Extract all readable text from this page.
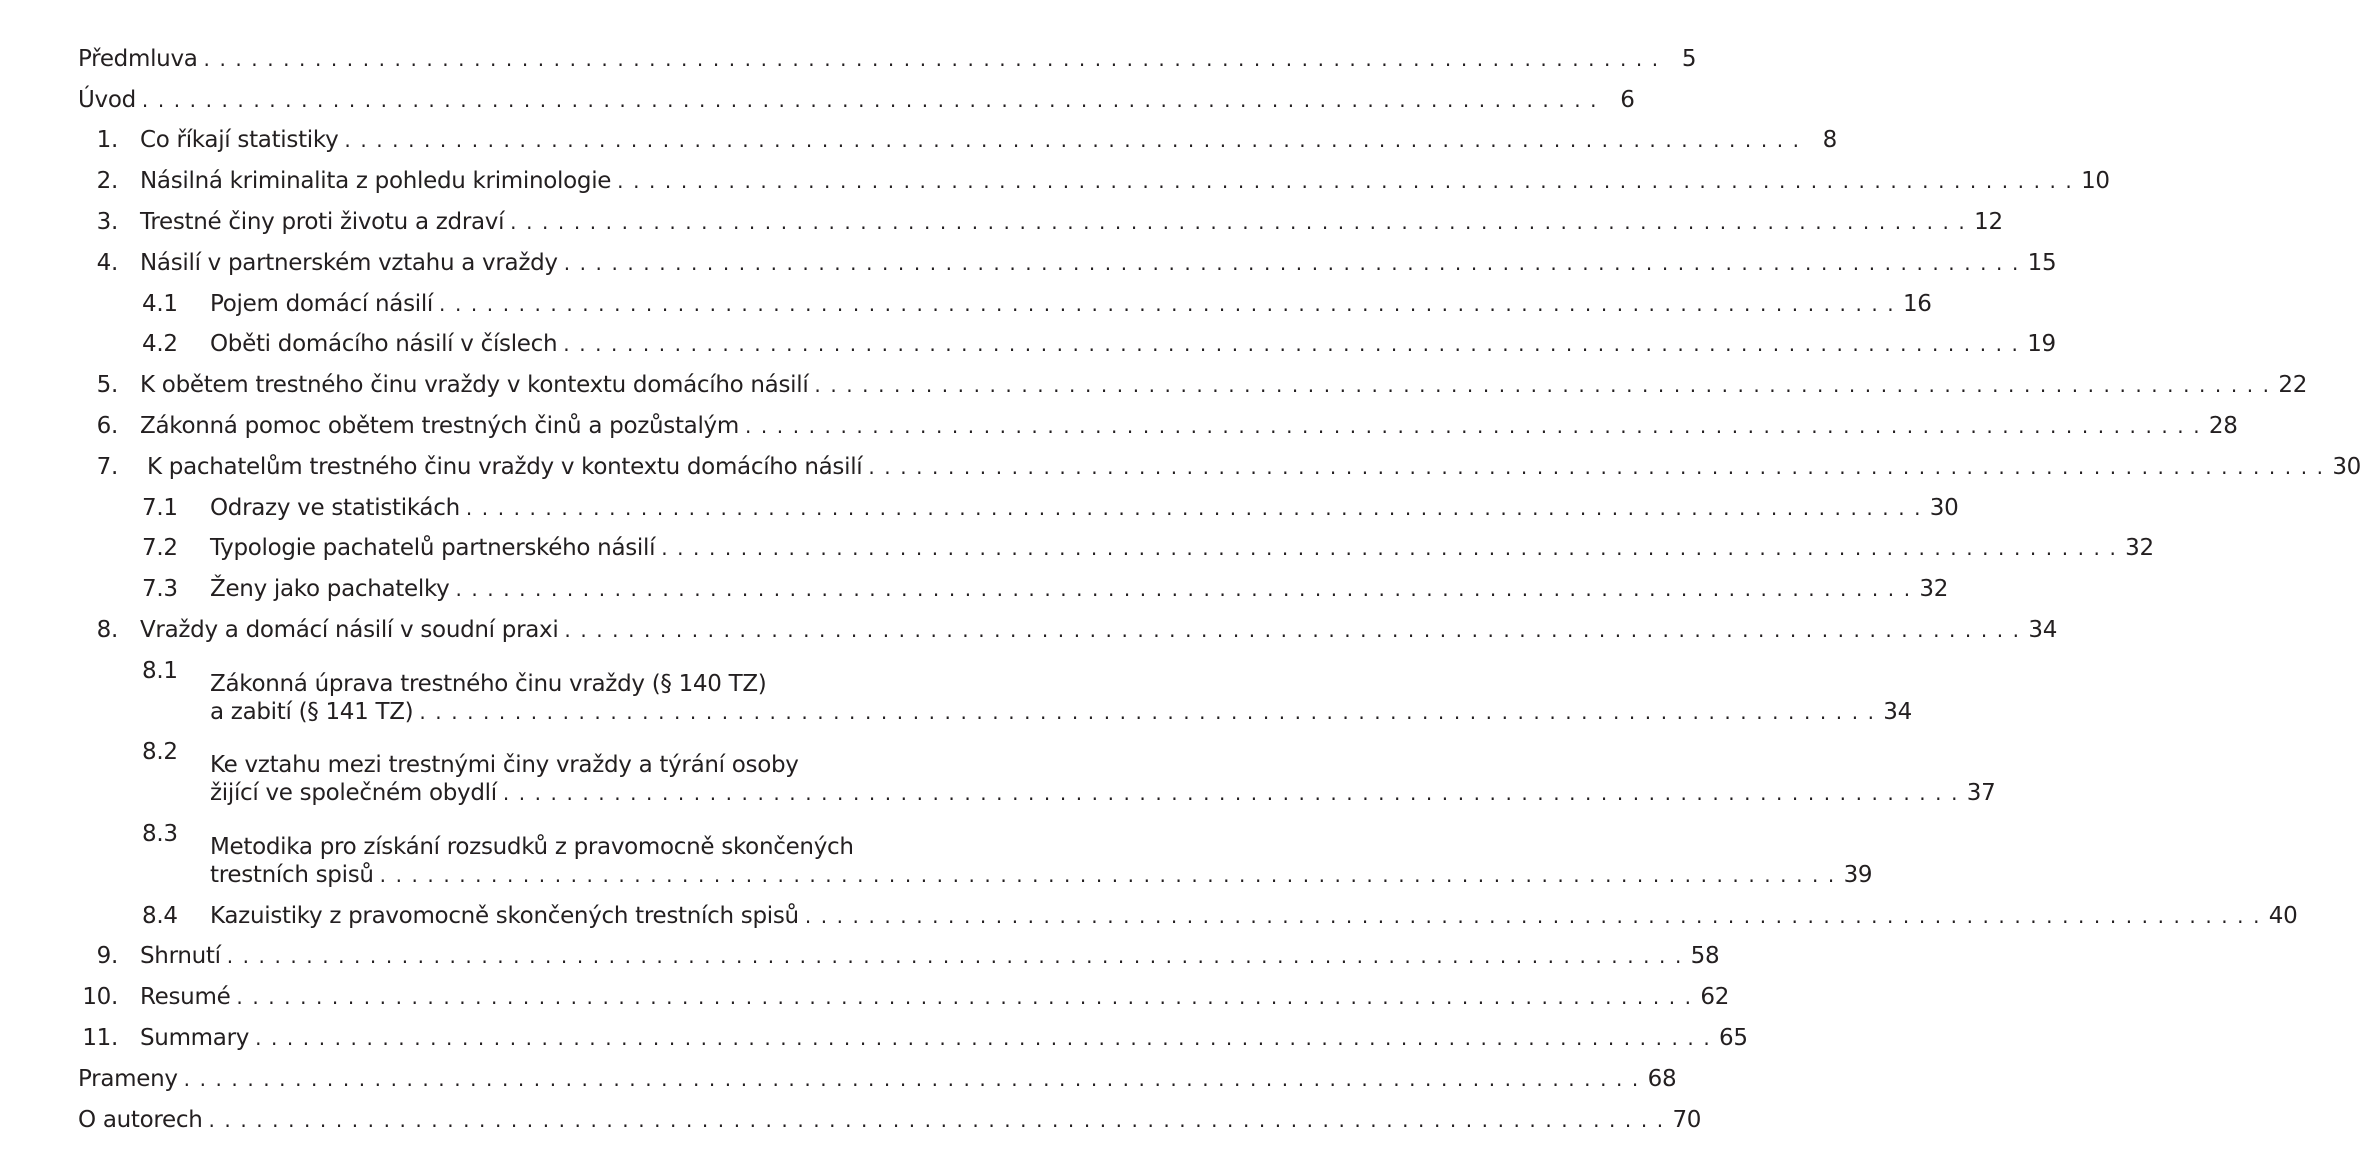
Předmluva . . .	5
Úvod . . .	6
1. Co říkají statistiky . . .	8
2. Násilná kriminalita z pohledu kriminologie . . .	10
3. Trestné činy proti životu a zdraví . . .	12
4. Násilí v partnerském vztahu a vraždy . . .	15
4.1 Pojem domácí násilí . . .	16
4.2 Oběti domácího násilí v číslech . . .	19
5. K obětem trestného činu vraždy v kontextu domácího násilí . . .	22
6. Zákonná pomoc obětem trestných činů a pozůstalým . . .	28
7. K pachatelům trestného činu vraždy v kontextu domácího násilí . . .	30
7.1 Odrazy ve statistikách . . .	30
7.2 Typologie pachatelů partnerského násilí . . .	32
7.3 Ženy jako pachatelky . . .	32
8. Vraždy a domácí násilí v soudní praxi . . .	34
8.1 Zákonná úprava trestného činu vraždy (§ 140 TZ)
a zabití (§ 141 TZ) . . .	34
8.2 Ke vztahu mezi trestnými činy vraždy a týrání osoby
žijící ve společném obydlí . . .	37
8.3 Metodika pro získání rozsudků z pravomocně skončených
trestních spisů . . .	39
8.4 Kazuistiky z pravomocně skončených trestních spisů . . .	40
9. Shrnutí . . .	58
10. Resumé . . .	62
11. Summary . . .	65
Prameny . . .	68
O autorech . . .	70
